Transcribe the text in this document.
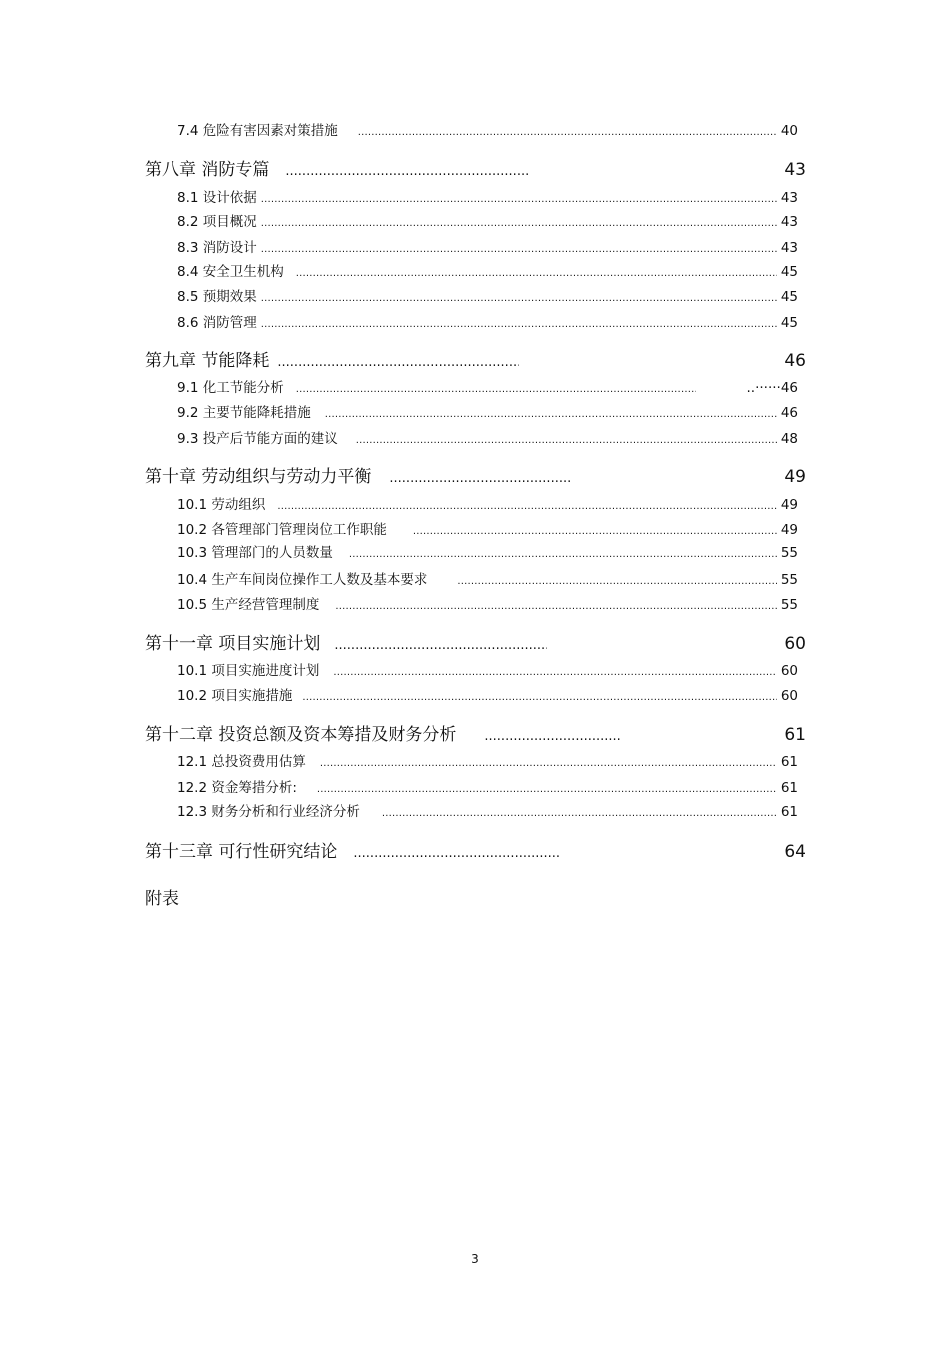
7.4 危险有害因素对策措施 .....	40
第八章 消防专篇 .....	43
8.1 设计依据 .....	43
8.2 项目概况 .....	43
8.3 消防设计 .....	43
8.4 安全卫生机构 .....	45
8.5 预期效果 .....	45
8.6 消防管理 .....	45
第九章 节能降耗 .....	46
9.1 化工节能分析 .....	..······46
9.2 主要节能降耗措施 .....	46
9.3 投产后节能方面的建议 .....	48
第十章 劳动组织与劳动力平衡 .....	49
10.1 劳动组织 .....	49
10.2 各管理部门管理岗位工作职能 .....	49
10.3 管理部门的人员数量 .....	55
10.4 生产车间岗位操作工人数及基本要求 .....	55
10.5 生产经营管理制度 .....	55
第十一章 项目实施计划 .....	60
10.1 项目实施进度计划 .....	60
10.2 项目实施措施 .....	60
第十二章 投资总额及资本筹措及财务分析 .....	61
12.1 总投资费用估算 .....	61
12.2 资金筹措分析: .....	61
12.3 财务分析和行业经济分析 .....	61
第十三章 可行性研究结论 .....	64
附表
3
